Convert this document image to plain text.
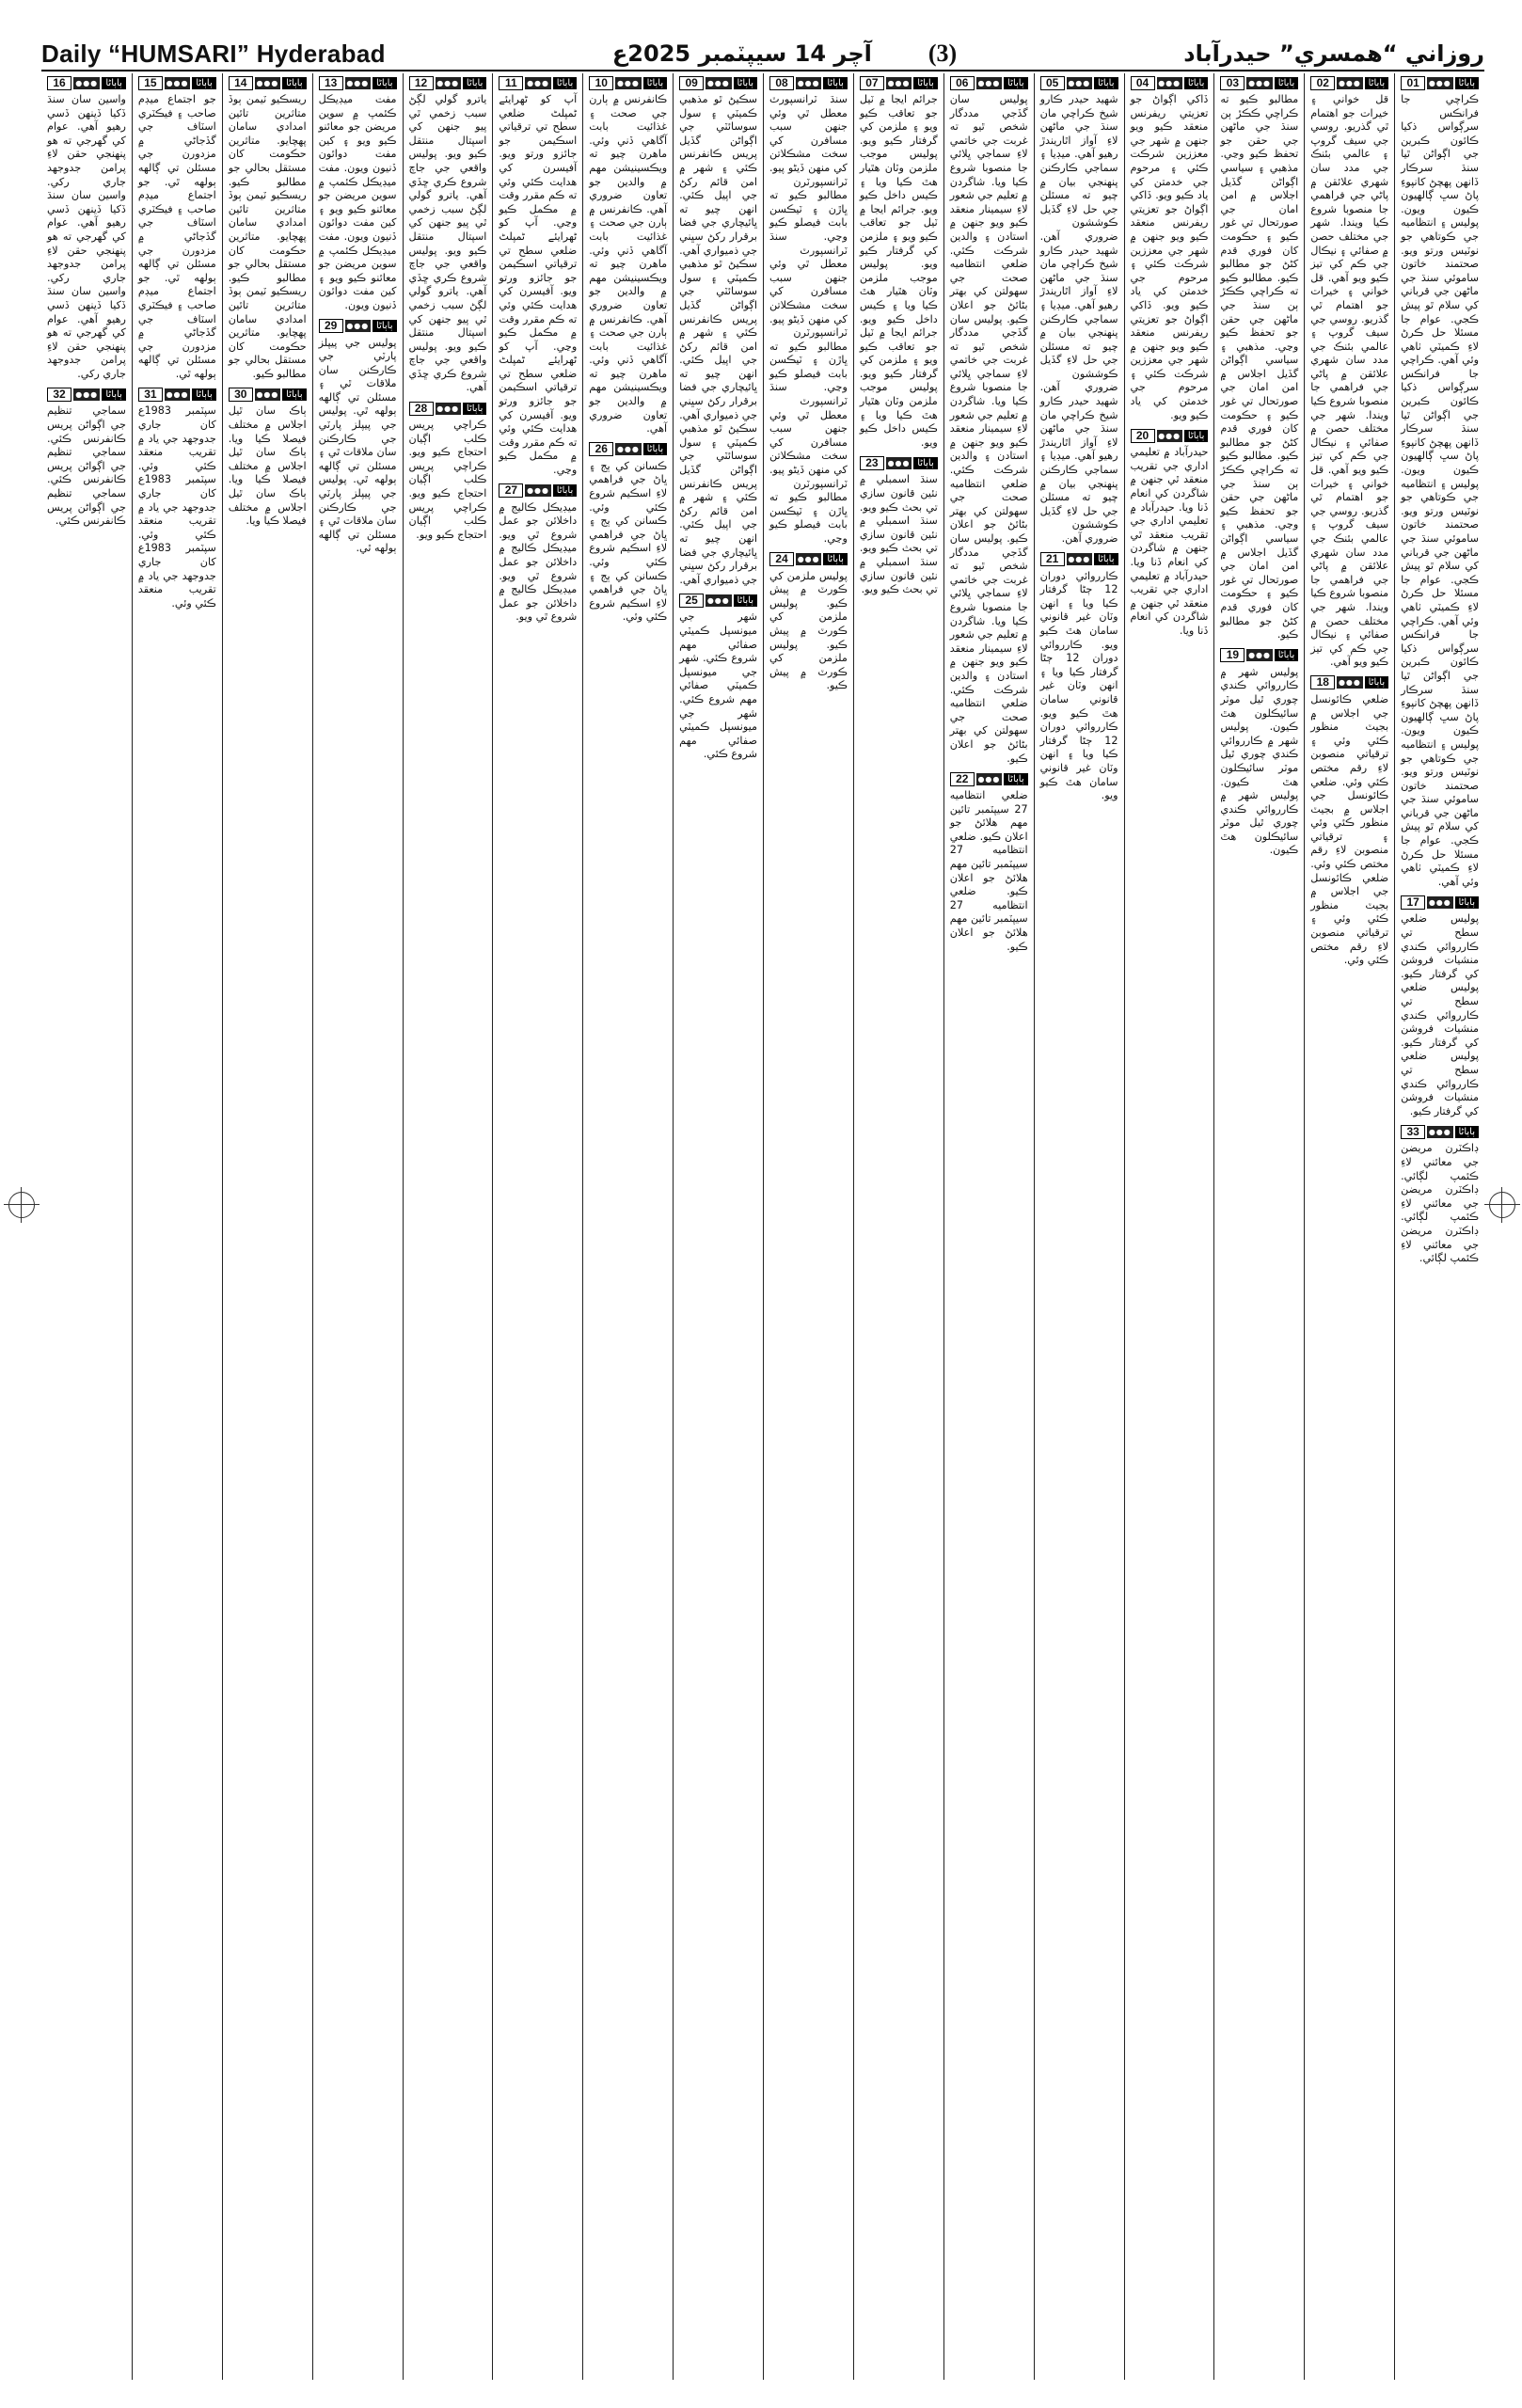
Daily “HUMSARI” Hyderabad	آچر 14 سيپٽمبر 2025ع (3)	روزاني “همسري” حيدرآباد
01	●●● ٻاٻاڻا
ڪراچي جا فرانڪس سرڳواس ذکيا ڪائون ڪبرين جي اڳواڻن ٿيا سنڌ سرڪار ڏانهن پهچڻ کانپوءِ پاڻ سڀ ڳالهيون ڪيون ويون. پوليس ۽ انتظاميه جي ڪوتاهي جو نوٽيس ورتو ويو. صحتمند خاتون ساموئي سنڌ جي ماڻهن جي قرباني کي سلام ٿو پيش ڪجي. عوام جا مسئلا حل ڪرڻ لاءِ ڪميٽي ٺاهي وئي آهي. ڪراچي جا فرانڪس سرڳواس ذکيا ڪائون ڪبرين جي اڳواڻن ٿيا سنڌ سرڪار ڏانهن پهچڻ کانپوءِ پاڻ سڀ ڳالهيون ڪيون ويون. پوليس ۽ انتظاميه جي ڪوتاهي جو نوٽيس ورتو ويو. صحتمند خاتون ساموئي سنڌ جي ماڻهن جي قرباني کي سلام ٿو پيش ڪجي. عوام جا مسئلا حل ڪرڻ لاءِ ڪميٽي ٺاهي وئي آهي. ڪراچي جا فرانڪس سرڳواس ذکيا ڪائون ڪبرين جي اڳواڻن ٿيا سنڌ سرڪار ڏانهن پهچڻ کانپوءِ پاڻ سڀ ڳالهيون ڪيون ويون. پوليس ۽ انتظاميه جي ڪوتاهي جو نوٽيس ورتو ويو. صحتمند خاتون ساموئي سنڌ جي ماڻهن جي قرباني کي سلام ٿو پيش ڪجي. عوام جا مسئلا حل ڪرڻ لاءِ ڪميٽي ٺاهي وئي آهي.
17	●●● ٻاٻاڻا
پوليس ضلعي سطح تي ڪارروائي ڪندي منشيات فروشن کي گرفتار ڪيو. پوليس ضلعي سطح تي ڪارروائي ڪندي منشيات فروشن کي گرفتار ڪيو. پوليس ضلعي سطح تي ڪارروائي ڪندي منشيات فروشن کي گرفتار ڪيو.
33	●●● ٻاٻاڻا
ڊاڪٽرن مريضن جي معائني لاءِ ڪئمپ لڳائي. ڊاڪٽرن مريضن جي معائني لاءِ ڪئمپ لڳائي. ڊاڪٽرن مريضن جي معائني لاءِ ڪئمپ لڳائي.
02	●●● ٻاٻاڻا
قل خواني ۽ خيرات جو اهتمام ٿي گذريو. روسي جي سيف گروپ ۽ عالمي بئنڪ جي مدد سان شهري علائقن ۾ پاڻي جي فراهمي جا منصوبا شروع ڪيا ويندا. شهر جي مختلف حصن ۾ صفائي ۽ نيڪال جي ڪم کي تيز ڪيو ويو آهي. قل خواني ۽ خيرات جو اهتمام ٿي گذريو. روسي جي سيف گروپ ۽ عالمي بئنڪ جي مدد سان شهري علائقن ۾ پاڻي جي فراهمي جا منصوبا شروع ڪيا ويندا. شهر جي مختلف حصن ۾ صفائي ۽ نيڪال جي ڪم کي تيز ڪيو ويو آهي. قل خواني ۽ خيرات جو اهتمام ٿي گذريو. روسي جي سيف گروپ ۽ عالمي بئنڪ جي مدد سان شهري علائقن ۾ پاڻي جي فراهمي جا منصوبا شروع ڪيا ويندا. شهر جي مختلف حصن ۾ صفائي ۽ نيڪال جي ڪم کي تيز ڪيو ويو آهي.
18	●●● ٻاٻاڻا
ضلعي ڪائونسل جي اجلاس ۾ بجيٽ منظور ڪئي وئي ۽ ترقياتي منصوبن لاءِ رقم مختص ڪئي وئي. ضلعي ڪائونسل جي اجلاس ۾ بجيٽ منظور ڪئي وئي ۽ ترقياتي منصوبن لاءِ رقم مختص ڪئي وئي. ضلعي ڪائونسل جي اجلاس ۾ بجيٽ منظور ڪئي وئي ۽ ترقياتي منصوبن لاءِ رقم مختص ڪئي وئي.
03	●●● ٻاٻاڻا
مطالبو ڪيو ته ڪراچي ڪڪڙ ٻن سنڌ جي ماڻهن جي حقن جو تحفظ ڪيو وڃي. مذهبي ۽ سياسي اڳواڻن گڏيل اجلاس ۾ امن امان جي صورتحال تي غور ڪيو ۽ حڪومت کان فوري قدم کڻڻ جو مطالبو ڪيو. مطالبو ڪيو ته ڪراچي ڪڪڙ ٻن سنڌ جي ماڻهن جي حقن جو تحفظ ڪيو وڃي. مذهبي ۽ سياسي اڳواڻن گڏيل اجلاس ۾ امن امان جي صورتحال تي غور ڪيو ۽ حڪومت کان فوري قدم کڻڻ جو مطالبو ڪيو. مطالبو ڪيو ته ڪراچي ڪڪڙ ٻن سنڌ جي ماڻهن جي حقن جو تحفظ ڪيو وڃي. مذهبي ۽ سياسي اڳواڻن گڏيل اجلاس ۾ امن امان جي صورتحال تي غور ڪيو ۽ حڪومت کان فوري قدم کڻڻ جو مطالبو ڪيو.
19	●●● ٻاٻاڻا
پوليس شهر ۾ ڪارروائي ڪندي چوري ٿيل موٽر سائيڪلون هٿ ڪيون. پوليس شهر ۾ ڪارروائي ڪندي چوري ٿيل موٽر سائيڪلون هٿ ڪيون. پوليس شهر ۾ ڪارروائي ڪندي چوري ٿيل موٽر سائيڪلون هٿ ڪيون.
04	●●● ٻاٻاڻا
ڏاکي اڳواڻ جو تعزيتي ريفرنس منعقد ڪيو ويو جنهن ۾ شهر جي معززين شرڪت ڪئي ۽ مرحوم جي خدمتن کي ياد ڪيو ويو. ڏاکي اڳواڻ جو تعزيتي ريفرنس منعقد ڪيو ويو جنهن ۾ شهر جي معززين شرڪت ڪئي ۽ مرحوم جي خدمتن کي ياد ڪيو ويو. ڏاکي اڳواڻ جو تعزيتي ريفرنس منعقد ڪيو ويو جنهن ۾ شهر جي معززين شرڪت ڪئي ۽ مرحوم جي خدمتن کي ياد ڪيو ويو.
20	●●● ٻاٻاڻا
حيدرآباد ۾ تعليمي اداري جي تقريب منعقد ٿي جنهن ۾ شاگردن کي انعام ڏنا ويا. حيدرآباد ۾ تعليمي اداري جي تقريب منعقد ٿي جنهن ۾ شاگردن کي انعام ڏنا ويا. حيدرآباد ۾ تعليمي اداري جي تقريب منعقد ٿي جنهن ۾ شاگردن کي انعام ڏنا ويا.
05	●●● ٻاٻاڻا
شهيد حيدر ڪارو شيخ ڪراچي مان سنڌ جي ماڻهن لاءِ آواز اٿاريندڙ رهيو آهي. ميڊيا ۽ سماجي ڪارڪنن پنهنجي بيان ۾ چيو ته مسئلن جي حل لاءِ گڏيل ڪوششون ضروري آهن. شهيد حيدر ڪارو شيخ ڪراچي مان سنڌ جي ماڻهن لاءِ آواز اٿاريندڙ رهيو آهي. ميڊيا ۽ سماجي ڪارڪنن پنهنجي بيان ۾ چيو ته مسئلن جي حل لاءِ گڏيل ڪوششون ضروري آهن. شهيد حيدر ڪارو شيخ ڪراچي مان سنڌ جي ماڻهن لاءِ آواز اٿاريندڙ رهيو آهي. ميڊيا ۽ سماجي ڪارڪنن پنهنجي بيان ۾ چيو ته مسئلن جي حل لاءِ گڏيل ڪوششون ضروري آهن.
21	●●● ٻاٻاڻا
ڪارروائي دوران 12 ڄڻا گرفتار ڪيا ويا ۽ انهن وٽان غير قانوني سامان هٿ ڪيو ويو. ڪارروائي دوران 12 ڄڻا گرفتار ڪيا ويا ۽ انهن وٽان غير قانوني سامان هٿ ڪيو ويو. ڪارروائي دوران 12 ڄڻا گرفتار ڪيا ويا ۽ انهن وٽان غير قانوني سامان هٿ ڪيو ويو.
06	●●● ٻاٻاڻا
پوليس سان گڏجي مددگار شخص ٿيو ته غربت جي خاتمي لاءِ سماجي ڀلائي جا منصوبا شروع ڪيا ويا. شاگردن ۾ تعليم جي شعور لاءِ سيمينار منعقد ڪيو ويو جنهن ۾ استادن ۽ والدين شرڪت ڪئي. ضلعي انتظاميه صحت جي سهولتن کي بهتر بڻائڻ جو اعلان ڪيو. پوليس سان گڏجي مددگار شخص ٿيو ته غربت جي خاتمي لاءِ سماجي ڀلائي جا منصوبا شروع ڪيا ويا. شاگردن ۾ تعليم جي شعور لاءِ سيمينار منعقد ڪيو ويو جنهن ۾ استادن ۽ والدين شرڪت ڪئي. ضلعي انتظاميه صحت جي سهولتن کي بهتر بڻائڻ جو اعلان ڪيو. پوليس سان گڏجي مددگار شخص ٿيو ته غربت جي خاتمي لاءِ سماجي ڀلائي جا منصوبا شروع ڪيا ويا. شاگردن ۾ تعليم جي شعور لاءِ سيمينار منعقد ڪيو ويو جنهن ۾ استادن ۽ والدين شرڪت ڪئي. ضلعي انتظاميه صحت جي سهولتن کي بهتر بڻائڻ جو اعلان ڪيو.
22	●●● ٻاٻاڻا
ضلعي انتظاميه 27 سيپٽمبر تائين مهم هلائڻ جو اعلان ڪيو. ضلعي انتظاميه 27 سيپٽمبر تائين مهم هلائڻ جو اعلان ڪيو. ضلعي انتظاميه 27 سيپٽمبر تائين مهم هلائڻ جو اعلان ڪيو.
07	●●● ٻاٻاڻا
جرائم ايجا ۾ ٽيل جو تعاقب ڪيو ويو ۽ ملزمن کي گرفتار ڪيو ويو. پوليس موجب ملزمن وٽان هٿيار هٿ ڪيا ويا ۽ ڪيس داخل ڪيو ويو. جرائم ايجا ۾ ٽيل جو تعاقب ڪيو ويو ۽ ملزمن کي گرفتار ڪيو ويو. پوليس موجب ملزمن وٽان هٿيار هٿ ڪيا ويا ۽ ڪيس داخل ڪيو ويو. جرائم ايجا ۾ ٽيل جو تعاقب ڪيو ويو ۽ ملزمن کي گرفتار ڪيو ويو. پوليس موجب ملزمن وٽان هٿيار هٿ ڪيا ويا ۽ ڪيس داخل ڪيو ويو.
23	●●● ٻاٻاڻا
سنڌ اسمبلي ۾ نئين قانون سازي تي بحث ڪيو ويو. سنڌ اسمبلي ۾ نئين قانون سازي تي بحث ڪيو ويو. سنڌ اسمبلي ۾ نئين قانون سازي تي بحث ڪيو ويو.
08	●●● ٻاٻاڻا
سنڌ ٽرانسپورٽ معطل ٿي وئي جنهن سبب مسافرن کي سخت مشڪلاتن کي منهن ڏيڻو پيو. ٽرانسپورٽرن مطالبو ڪيو ته ڀاڙن ۽ ٽيڪسن بابت فيصلو ڪيو وڃي. سنڌ ٽرانسپورٽ معطل ٿي وئي جنهن سبب مسافرن کي سخت مشڪلاتن کي منهن ڏيڻو پيو. ٽرانسپورٽرن مطالبو ڪيو ته ڀاڙن ۽ ٽيڪسن بابت فيصلو ڪيو وڃي. سنڌ ٽرانسپورٽ معطل ٿي وئي جنهن سبب مسافرن کي سخت مشڪلاتن کي منهن ڏيڻو پيو. ٽرانسپورٽرن مطالبو ڪيو ته ڀاڙن ۽ ٽيڪسن بابت فيصلو ڪيو وڃي.
24	●●● ٻاٻاڻا
پوليس ملزمن کي ڪورٽ ۾ پيش ڪيو. پوليس ملزمن کي ڪورٽ ۾ پيش ڪيو. پوليس ملزمن کي ڪورٽ ۾ پيش ڪيو.
09	●●● ٻاٻاڻا
سڪيڻ ٿو مذهبي ڪميٽي ۽ سول سوسائٽي جي اڳواڻن گڏيل پريس ڪانفرنس ڪئي ۽ شهر ۾ امن قائم رکڻ جي اپيل ڪئي. انهن چيو ته ڀائيچاري جي فضا برقرار رکڻ سڀني جي ذميواري آهي. سڪيڻ ٿو مذهبي ڪميٽي ۽ سول سوسائٽي جي اڳواڻن گڏيل پريس ڪانفرنس ڪئي ۽ شهر ۾ امن قائم رکڻ جي اپيل ڪئي. انهن چيو ته ڀائيچاري جي فضا برقرار رکڻ سڀني جي ذميواري آهي. سڪيڻ ٿو مذهبي ڪميٽي ۽ سول سوسائٽي جي اڳواڻن گڏيل پريس ڪانفرنس ڪئي ۽ شهر ۾ امن قائم رکڻ جي اپيل ڪئي. انهن چيو ته ڀائيچاري جي فضا برقرار رکڻ سڀني جي ذميواري آهي.
25	●●● ٻاٻاڻا
شهر جي ميونسپل ڪميٽي صفائي مهم شروع ڪئي. شهر جي ميونسپل ڪميٽي صفائي مهم شروع ڪئي. شهر جي ميونسپل ڪميٽي صفائي مهم شروع ڪئي.
10	●●● ٻاٻاڻا
ڪانفرنس ۾ ٻارن جي صحت ۽ غذائيت بابت آگاهي ڏني وئي. ماهرن چيو ته ويڪسينيشن مهم ۾ والدين جو تعاون ضروري آهي. ڪانفرنس ۾ ٻارن جي صحت ۽ غذائيت بابت آگاهي ڏني وئي. ماهرن چيو ته ويڪسينيشن مهم ۾ والدين جو تعاون ضروري آهي. ڪانفرنس ۾ ٻارن جي صحت ۽ غذائيت بابت آگاهي ڏني وئي. ماهرن چيو ته ويڪسينيشن مهم ۾ والدين جو تعاون ضروري آهي.
26	●●● ٻاٻاڻا
ڪسانن کي ٻج ۽ ڀاڻ جي فراهمي لاءِ اسڪيم شروع ڪئي وئي. ڪسانن کي ٻج ۽ ڀاڻ جي فراهمي لاءِ اسڪيم شروع ڪئي وئي. ڪسانن کي ٻج ۽ ڀاڻ جي فراهمي لاءِ اسڪيم شروع ڪئي وئي.
11	●●● ٻاٻاڻا
آپ کو ٹھرایئے ٹمپلٹ ضلعي سطح تي ترقياتي اسڪيمن جو جائزو ورتو ويو. آفيسرن کي هدايت ڪئي وئي ته ڪم مقرر وقت ۾ مڪمل ڪيو وڃي. آپ کو ٹھرایئے ٹمپلٹ ضلعي سطح تي ترقياتي اسڪيمن جو جائزو ورتو ويو. آفيسرن کي هدايت ڪئي وئي ته ڪم مقرر وقت ۾ مڪمل ڪيو وڃي. آپ کو ٹھرایئے ٹمپلٹ ضلعي سطح تي ترقياتي اسڪيمن جو جائزو ورتو ويو. آفيسرن کي هدايت ڪئي وئي ته ڪم مقرر وقت ۾ مڪمل ڪيو وڃي.
27	●●● ٻاٻاڻا
ميڊيڪل ڪاليج ۾ داخلائن جو عمل شروع ٿي ويو. ميڊيڪل ڪاليج ۾ داخلائن جو عمل شروع ٿي ويو. ميڊيڪل ڪاليج ۾ داخلائن جو عمل شروع ٿي ويو.
12	●●● ٻاٻاڻا
ياترو گولي لڳڻ سبب زخمي ٿي پيو جنهن کي اسپتال منتقل ڪيو ويو. پوليس واقعي جي جاچ شروع ڪري ڇڏي آهي. ياترو گولي لڳڻ سبب زخمي ٿي پيو جنهن کي اسپتال منتقل ڪيو ويو. پوليس واقعي جي جاچ شروع ڪري ڇڏي آهي. ياترو گولي لڳڻ سبب زخمي ٿي پيو جنهن کي اسپتال منتقل ڪيو ويو. پوليس واقعي جي جاچ شروع ڪري ڇڏي آهي.
28	●●● ٻاٻاڻا
ڪراچي پريس ڪلب اڳيان احتجاج ڪيو ويو. ڪراچي پريس ڪلب اڳيان احتجاج ڪيو ويو. ڪراچي پريس ڪلب اڳيان احتجاج ڪيو ويو.
13	●●● ٻاٻاڻا
مفت ميڊيڪل ڪئمپ ۾ سوين مريضن جو معائنو ڪيو ويو ۽ کين مفت دوائون ڏنيون ويون. مفت ميڊيڪل ڪئمپ ۾ سوين مريضن جو معائنو ڪيو ويو ۽ کين مفت دوائون ڏنيون ويون. مفت ميڊيڪل ڪئمپ ۾ سوين مريضن جو معائنو ڪيو ويو ۽ کين مفت دوائون ڏنيون ويون.
29	●●● ٻاٻاڻا
پوليس جي پيپلز پارٽي جي ڪارڪنن سان ملاقات ٿي ۽ مسئلن تي ڳالهه ٻولهه ٿي. پوليس جي پيپلز پارٽي جي ڪارڪنن سان ملاقات ٿي ۽ مسئلن تي ڳالهه ٻولهه ٿي. پوليس جي پيپلز پارٽي جي ڪارڪنن سان ملاقات ٿي ۽ مسئلن تي ڳالهه ٻولهه ٿي.
14	●●● ٻاٻاڻا
ريسڪيو ٽيمن ٻوڏ متاثرين تائين امدادي سامان پهچايو. متاثرين حڪومت کان مستقل بحالي جو مطالبو ڪيو. ريسڪيو ٽيمن ٻوڏ متاثرين تائين امدادي سامان پهچايو. متاثرين حڪومت کان مستقل بحالي جو مطالبو ڪيو. ريسڪيو ٽيمن ٻوڏ متاثرين تائين امدادي سامان پهچايو. متاثرين حڪومت کان مستقل بحالي جو مطالبو ڪيو.
30	●●● ٻاٻاڻا
ٻاڪ سان ٿيل اجلاس ۾ مختلف فيصلا ڪيا ويا. ٻاڪ سان ٿيل اجلاس ۾ مختلف فيصلا ڪيا ويا. ٻاڪ سان ٿيل اجلاس ۾ مختلف فيصلا ڪيا ويا.
15	●●● ٻاٻاڻا
جو اجتماع ميڊم صاحب ۽ فيڪٽري اسٽاف جي گڏجاڻي ۾ مزدورن جي مسئلن تي ڳالهه ٻولهه ٿي. جو اجتماع ميڊم صاحب ۽ فيڪٽري اسٽاف جي گڏجاڻي ۾ مزدورن جي مسئلن تي ڳالهه ٻولهه ٿي. جو اجتماع ميڊم صاحب ۽ فيڪٽري اسٽاف جي گڏجاڻي ۾ مزدورن جي مسئلن تي ڳالهه ٻولهه ٿي.
31	●●● ٻاٻاڻا
سپٽمبر 1983ع کان جاري جدوجهد جي ياد ۾ تقريب منعقد ڪئي وئي. سپٽمبر 1983ع کان جاري جدوجهد جي ياد ۾ تقريب منعقد ڪئي وئي. سپٽمبر 1983ع کان جاري جدوجهد جي ياد ۾ تقريب منعقد ڪئي وئي.
16	●●● ٻاٻاڻا
واسين سان سنڌ ڏکيا ڏينهن ڏسي رهيو آهي. عوام کي گهرجي ته هو پنهنجي حقن لاءِ پرامن جدوجهد جاري رکي. واسين سان سنڌ ڏکيا ڏينهن ڏسي رهيو آهي. عوام کي گهرجي ته هو پنهنجي حقن لاءِ پرامن جدوجهد جاري رکي. واسين سان سنڌ ڏکيا ڏينهن ڏسي رهيو آهي. عوام کي گهرجي ته هو پنهنجي حقن لاءِ پرامن جدوجهد جاري رکي.
32	●●● ٻاٻاڻا
سماجي تنظيم جي اڳواڻن پريس ڪانفرنس ڪئي. سماجي تنظيم جي اڳواڻن پريس ڪانفرنس ڪئي. سماجي تنظيم جي اڳواڻن پريس ڪانفرنس ڪئي.
